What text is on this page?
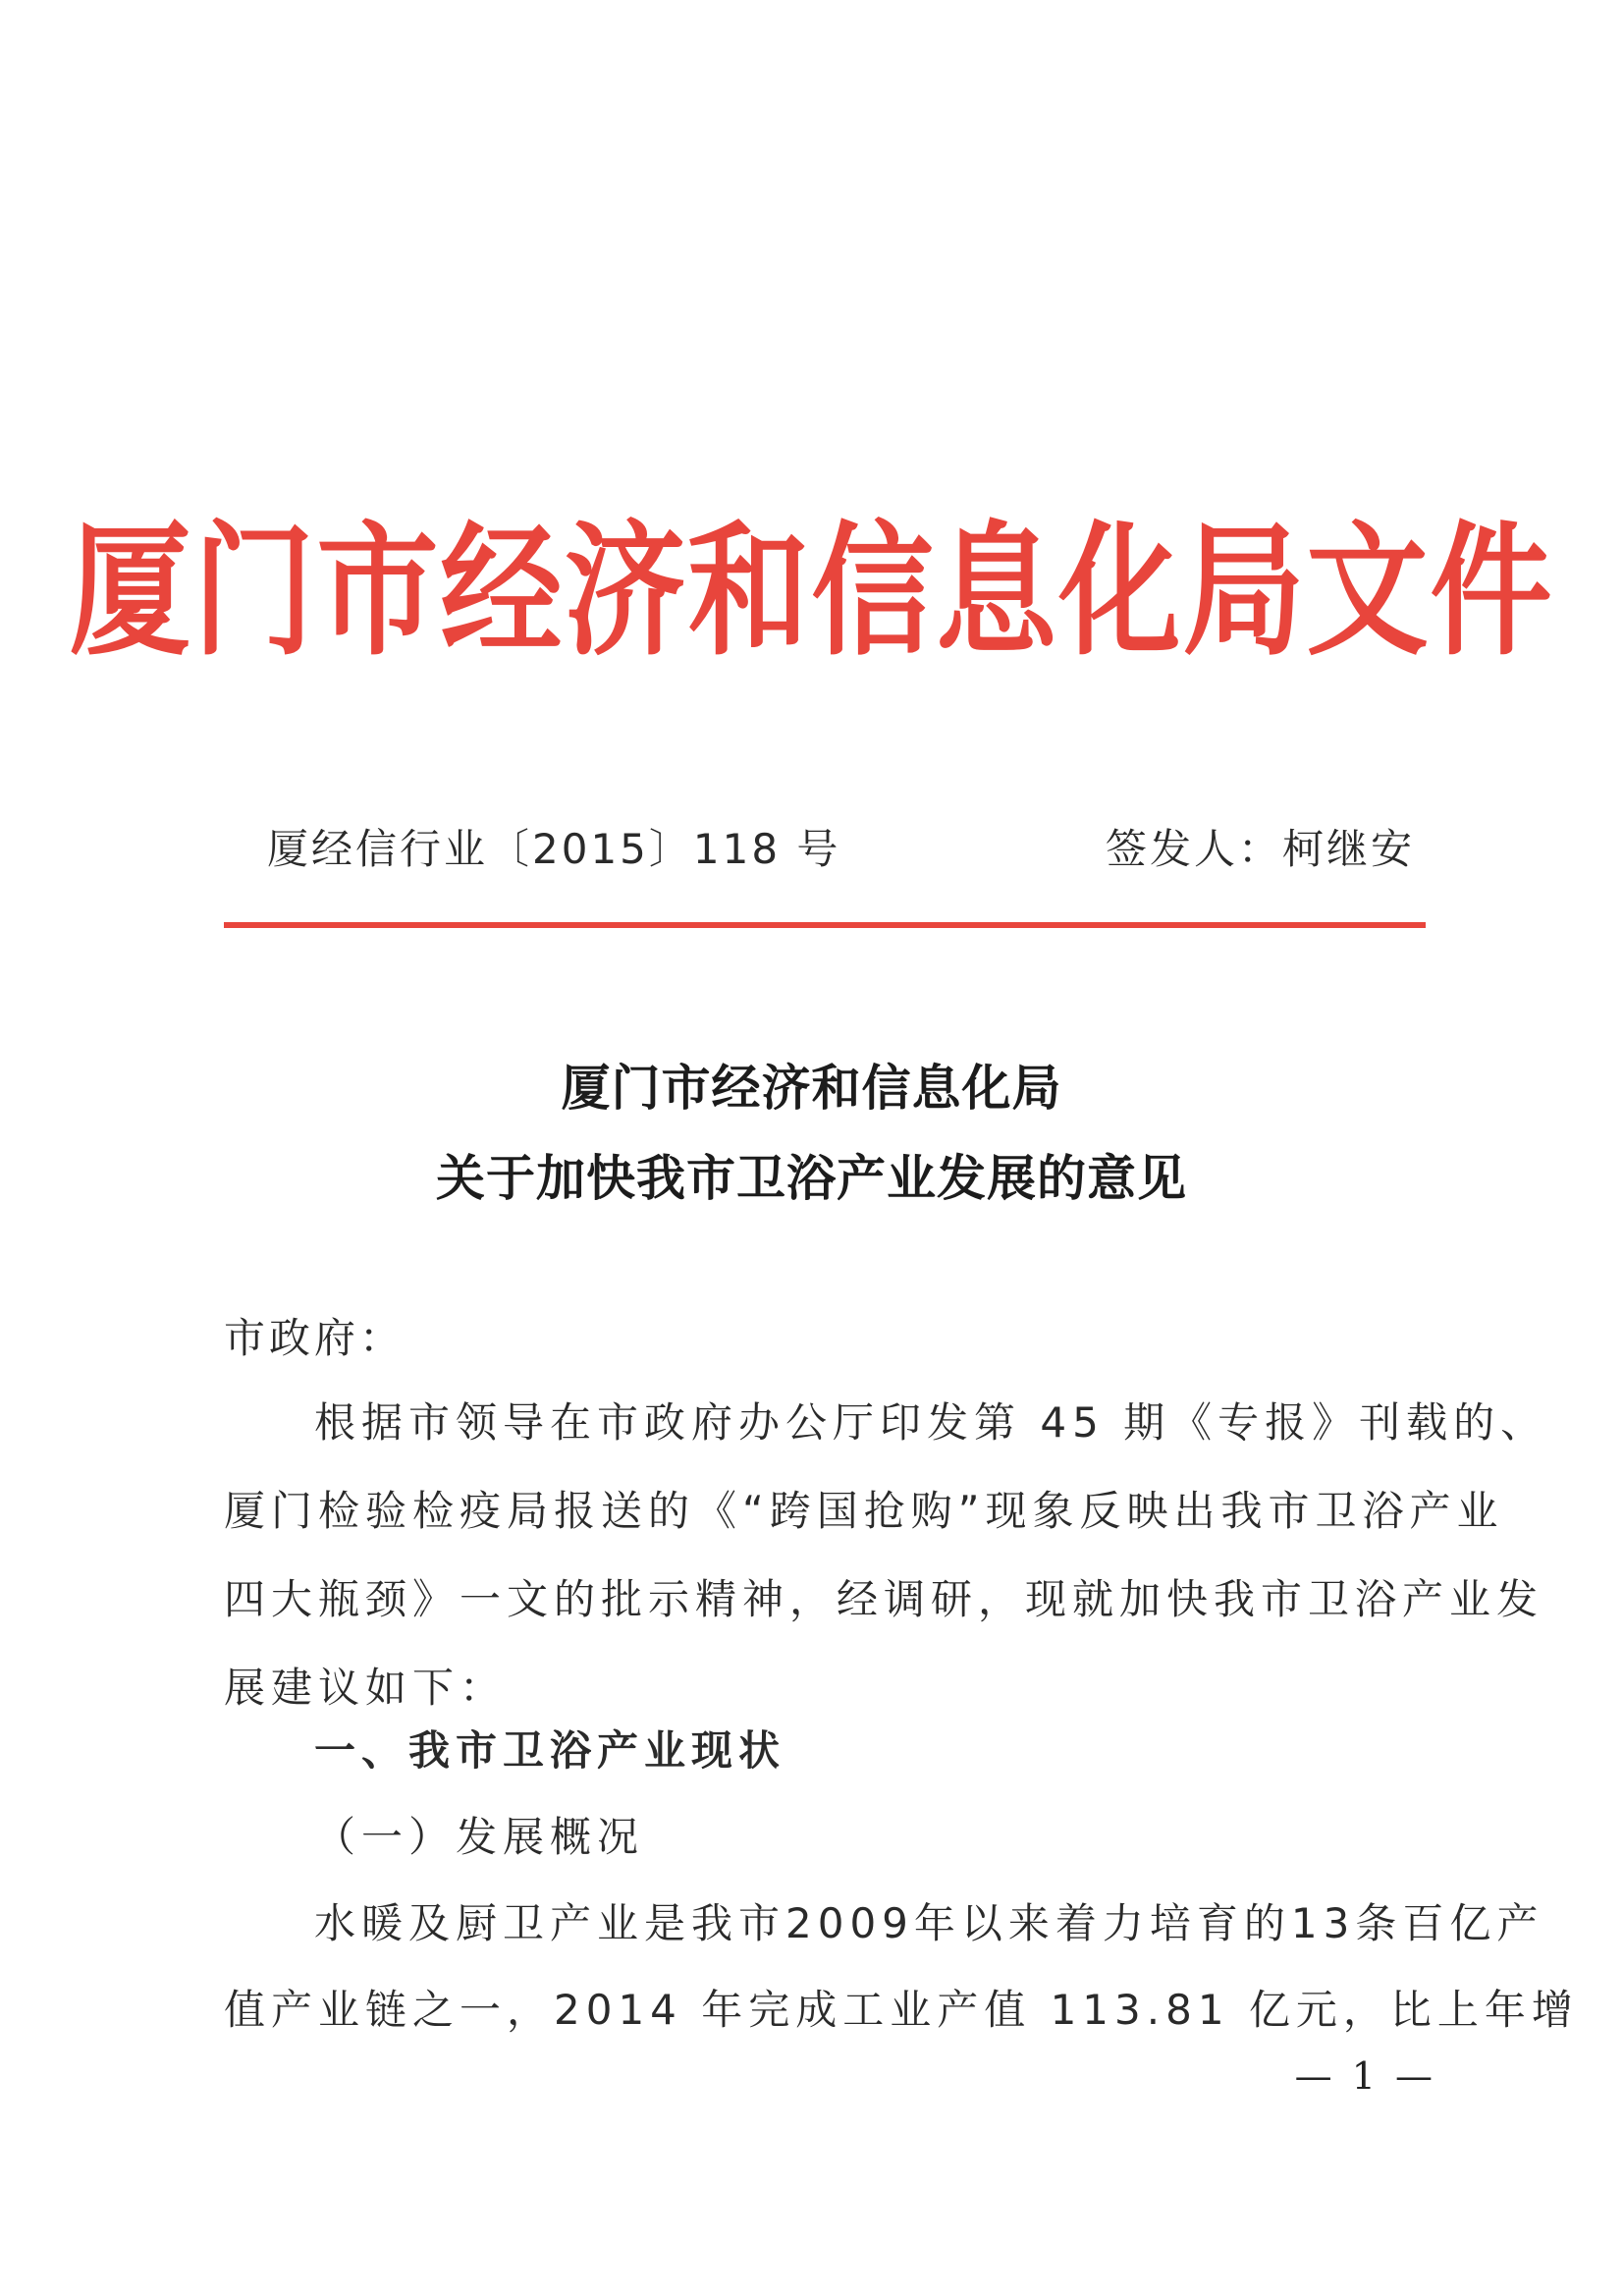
厦门市经济和信息化局文件
厦经信行业〔2015〕118 号	签发人：柯继安
厦门市经济和信息化局
关于加快我市卫浴产业发展的意见
市政府：
根据市领导在市政府办公厅印发第 45 期《专报》刊载的、
厦门检验检疫局报送的《“跨国抢购”现象反映出我市卫浴产业
四大瓶颈》一文的批示精神，经调研，现就加快我市卫浴产业发
展建议如下：
一、我市卫浴产业现状
（一）发展概况
水暖及厨卫产业是我市2009年以来着力培育的13条百亿产
值产业链之一，2014 年完成工业产值 113.81 亿元，比上年增
— 1 —
